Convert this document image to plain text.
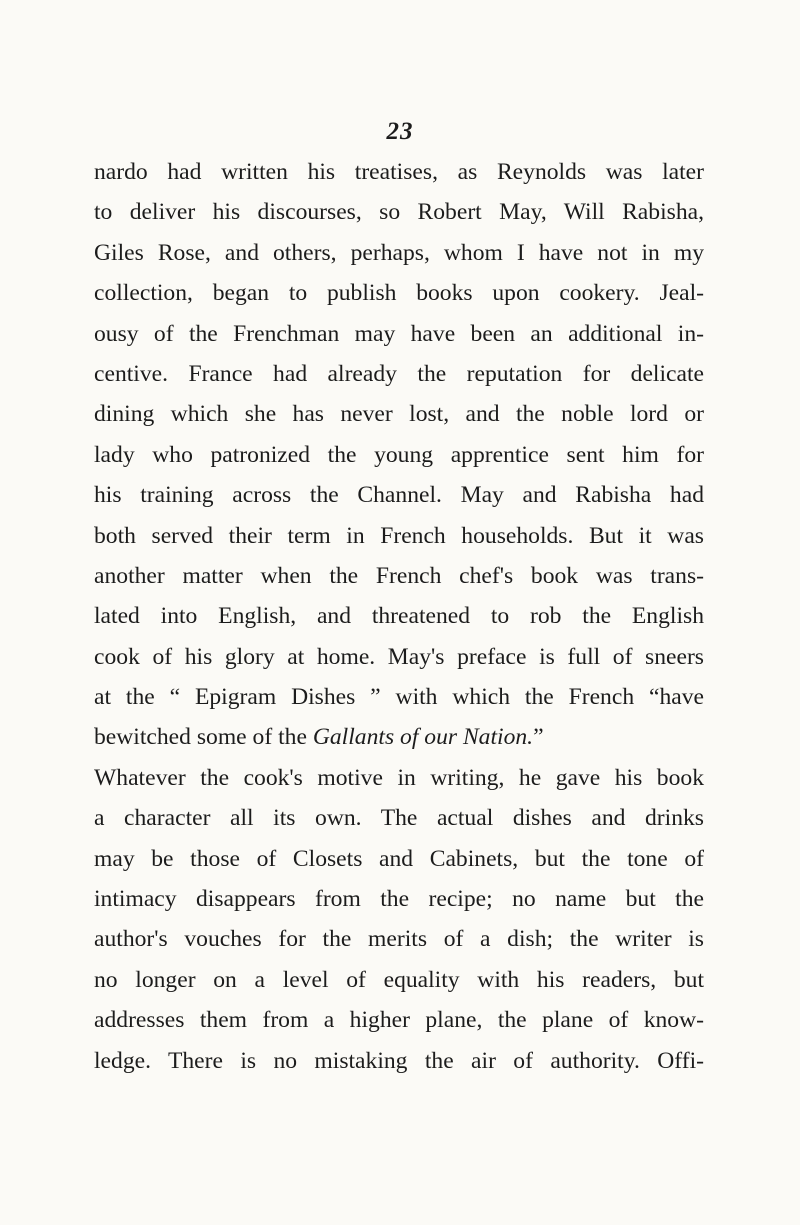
23
nardo had written his treatises, as Reynolds was later
to deliver his discourses, so Robert May, Will Rabisha,
Giles Rose, and others, perhaps, whom I have not in my
collection, began to publish books upon cookery. Jeal-
ousy of the Frenchman may have been an additional in-
centive. France had already the reputation for delicate
dining which she has never lost, and the noble lord or
lady who patronized the young apprentice sent him for
his training across the Channel. May and Rabisha had
both served their term in French households. But it was
another matter when the French chef's book was trans-
lated into English, and threatened to rob the English
cook of his glory at home. May's preface is full of sneers
at the “ Epigram Dishes ” with which the French “have
bewitched some of the Gallants of our Nation.”
Whatever the cook's motive in writing, he gave his book
a character all its own. The actual dishes and drinks
may be those of Closets and Cabinets, but the tone of
intimacy disappears from the recipe; no name but the
author's vouches for the merits of a dish; the writer is
no longer on a level of equality with his readers, but
addresses them from a higher plane, the plane of know-
ledge. There is no mistaking the air of authority. Offi-
